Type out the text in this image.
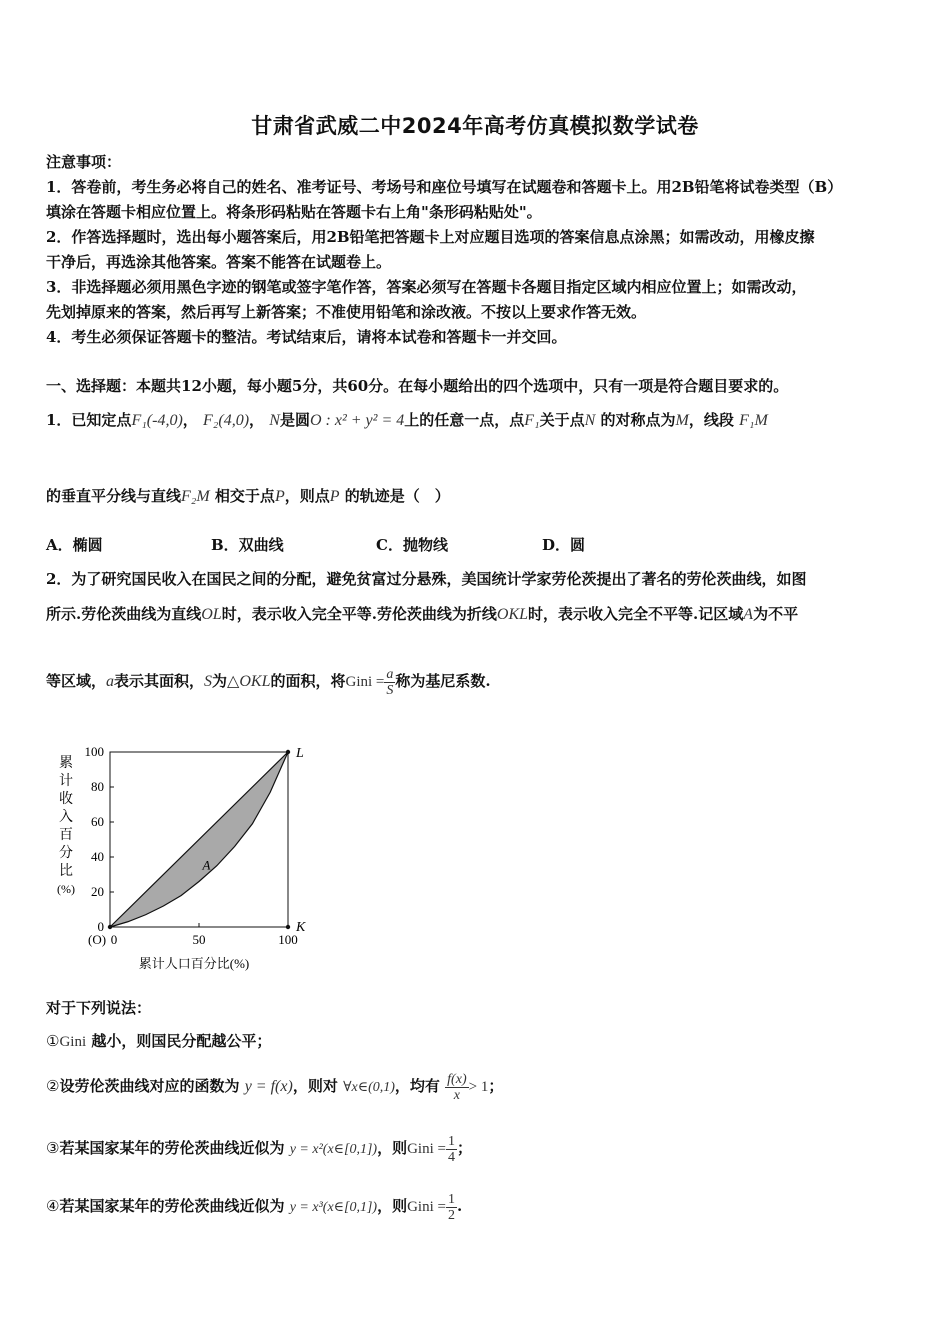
甘肃省武威二中2024年高考仿真模拟数学试卷
注意事项：
1．答卷前，考生务必将自己的姓名、准考证号、考场号和座位号填写在试题卷和答题卡上。用2B铅笔将试卷类型（B）
填涂在答题卡相应位置上。将条形码粘贴在答题卡右上角"条形码粘贴处"。
2．作答选择题时，选出每小题答案后，用2B铅笔把答题卡上对应题目选项的答案信息点涂黑；如需改动，用橡皮擦
干净后，再选涂其他答案。答案不能答在试题卷上。
3．非选择题必须用黑色字迹的钢笔或签字笔作答，答案必须写在答题卡各题目指定区域内相应位置上；如需改动，
先划掉原来的答案，然后再写上新答案；不准使用铅笔和涂改液。不按以上要求作答无效。
4．考生必须保证答题卡的整洁。考试结束后，请将本试卷和答题卡一并交回。
一、选择题：本题共12小题，每小题5分，共60分。在每小题给出的四个选项中，只有一项是符合题目要求的。
1．已知定点F₁(-4,0)， F₂(4,0)， N是圆O : x² + y² = 4上的任意一点，点F₁关于点N 的对称点为M，线段 F₁M
的垂直平分线与直线F₂M 相交于点P，则点P 的轨迹是（　）
A．椭圆	B．双曲线	C．抛物线	D．圆
2．为了研究国民收入在国民之间的分配，避免贫富过分悬殊，美国统计学家劳伦茨提出了著名的劳伦茨曲线，如图
所示.劳伦茨曲线为直线OL时，表示收入完全平等.劳伦茨曲线为折线OKL时，表示收入完全不平等.记区域A为不平
等区域，a表示其面积，S为△OKL的面积，将Gini = $\frac{a}{S}$ 称为基尼系数.
累
计
收
入
百
分
比
(%)
0
20
40
60
80
100
0	50	100
L
K
A
(O)
累计人口百分比(%)
对于下列说法：
①Gini 越小，则国民分配越公平；
②设劳伦茨曲线对应的函数为 y = f(x)，则对 ∀x∈(0,1)，均有 $\frac{f(x)}{x} > 1$；
③若某国家某年的劳伦茨曲线近似为 y = x²(x∈[0,1])，则Gini = $\frac{1}{4}$ ；
④若某国家某年的劳伦茨曲线近似为 y = x³(x∈[0,1])，则Gini = $\frac{1}{2}$ .
